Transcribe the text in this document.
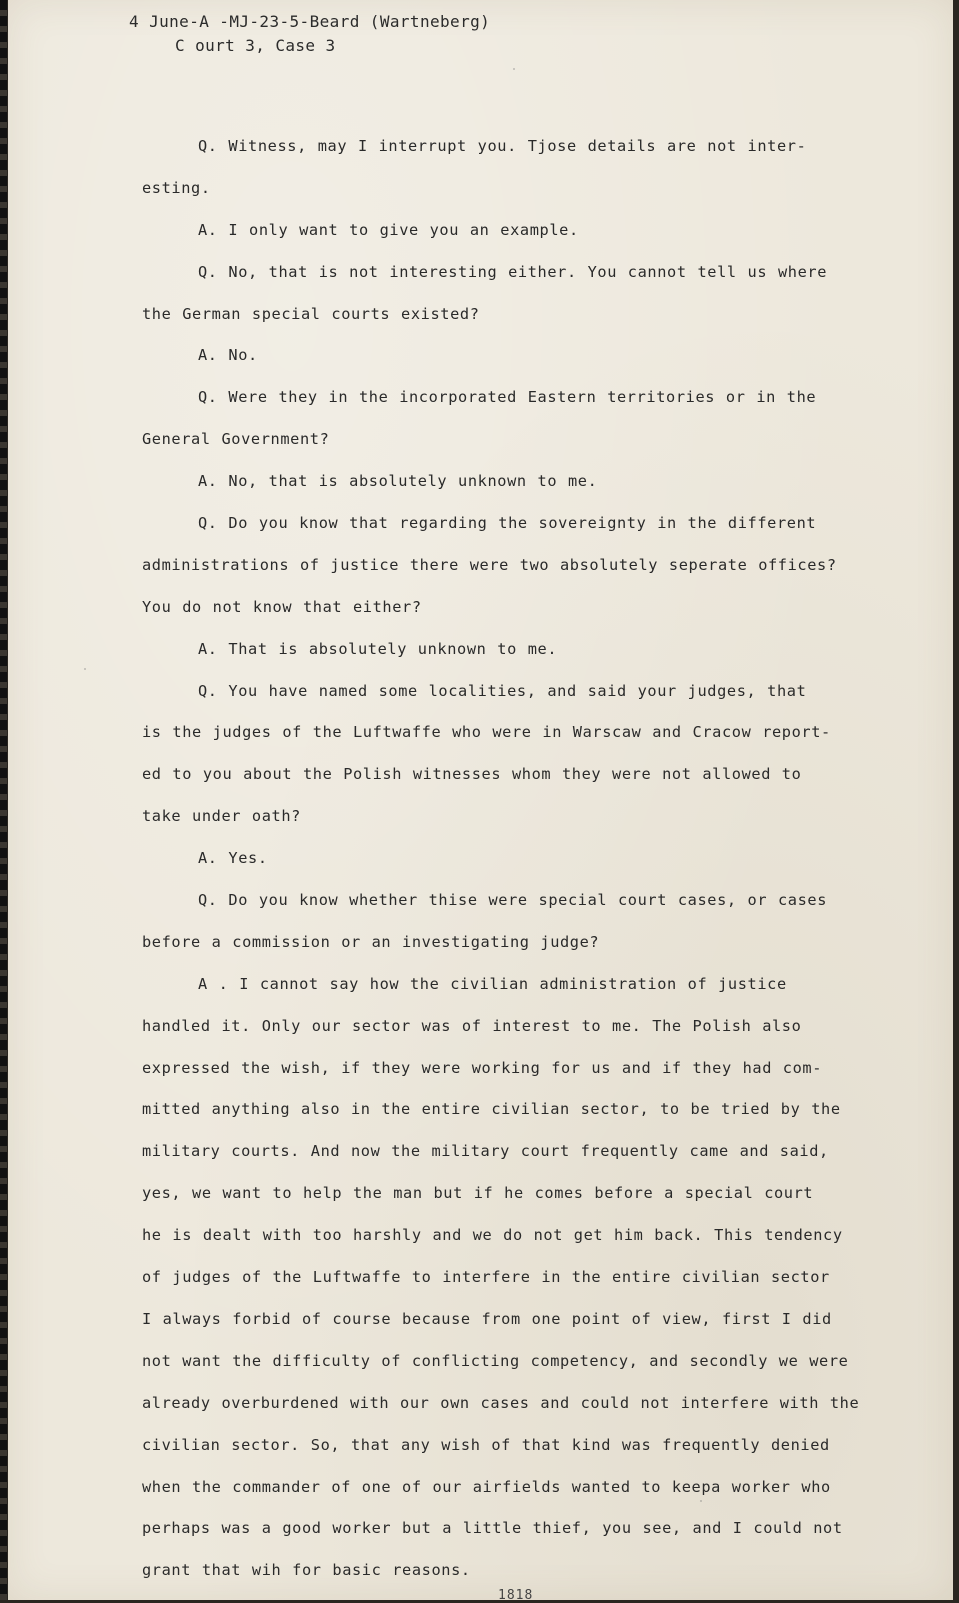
4 June-A -MJ-23-5-Beard (Wartneberg)
C ourt 3, Case 3
Q. Witness, may I interrupt you. Tjose details are not inter-
esting.
A. I only want to give you an example.
Q. No, that is not interesting either. You cannot tell us where
the German special courts existed?
A. No.
Q. Were they in the incorporated Eastern territories or in the
General Government?
A. No, that is absolutely unknown to me.
Q. Do you know that regarding the sovereignty in the different
administrations of justice there were two absolutely seperate offices?
You do not know that either?
A. That is absolutely unknown to me.
Q. You have named some localities, and said your judges, that
is the judges of the Luftwaffe who were in Warscaw and Cracow report-
ed to you about the Polish witnesses whom they were not allowed to
take under oath?
A. Yes.
Q. Do you know whether thise were special court cases, or cases
before a commission or an investigating judge?
A . I cannot say how the civilian administration of justice
handled it. Only our sector was of interest to me. The Polish also
expressed the wish, if they were working for us and if they had com-
mitted anything also in the entire civilian sector, to be tried by the
military courts. And now the military court frequently came and said,
yes, we want to help the man but if he comes before a special court
he is dealt with too harshly and we do not get him back. This tendency
of judges of the Luftwaffe to interfere in the entire civilian sector
I always forbid of course because from one point of view, first I did
not want the difficulty of conflicting competency, and secondly we were
already overburdened with our own cases and could not interfere with the
civilian sector. So, that any wish of that kind was frequently denied
when the commander of one of our airfields wanted to keepa worker who
perhaps was a good worker but a little thief, you see, and I could not
grant that wih for basic reasons.
1818
